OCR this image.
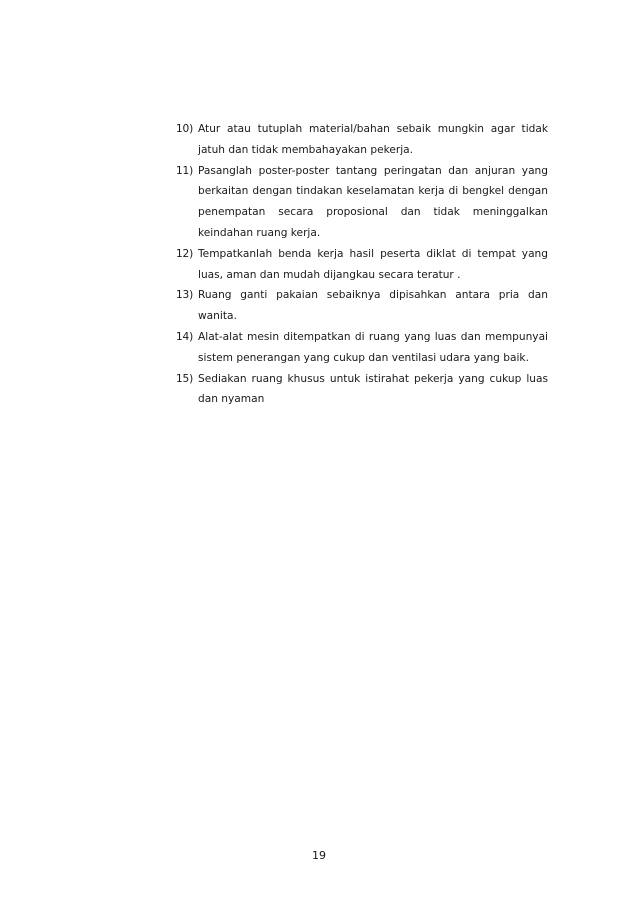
10) Atur atau tutuplah material/bahan sebaik mungkin agar tidak jatuh dan tidak membahayakan pekerja.
11) Pasanglah poster-poster tantang peringatan dan anjuran yang berkaitan dengan tindakan keselamatan kerja di bengkel dengan penempatan secara proposional dan tidak meninggalkan keindahan ruang kerja.
12) Tempatkanlah benda kerja hasil peserta diklat di tempat yang luas, aman dan mudah dijangkau secara teratur .
13) Ruang ganti pakaian sebaiknya dipisahkan antara pria dan wanita.
14) Alat-alat mesin ditempatkan di ruang yang luas dan mempunyai sistem penerangan yang cukup dan ventilasi udara yang baik.
15) Sediakan ruang khusus untuk istirahat pekerja yang cukup luas dan nyaman
19
